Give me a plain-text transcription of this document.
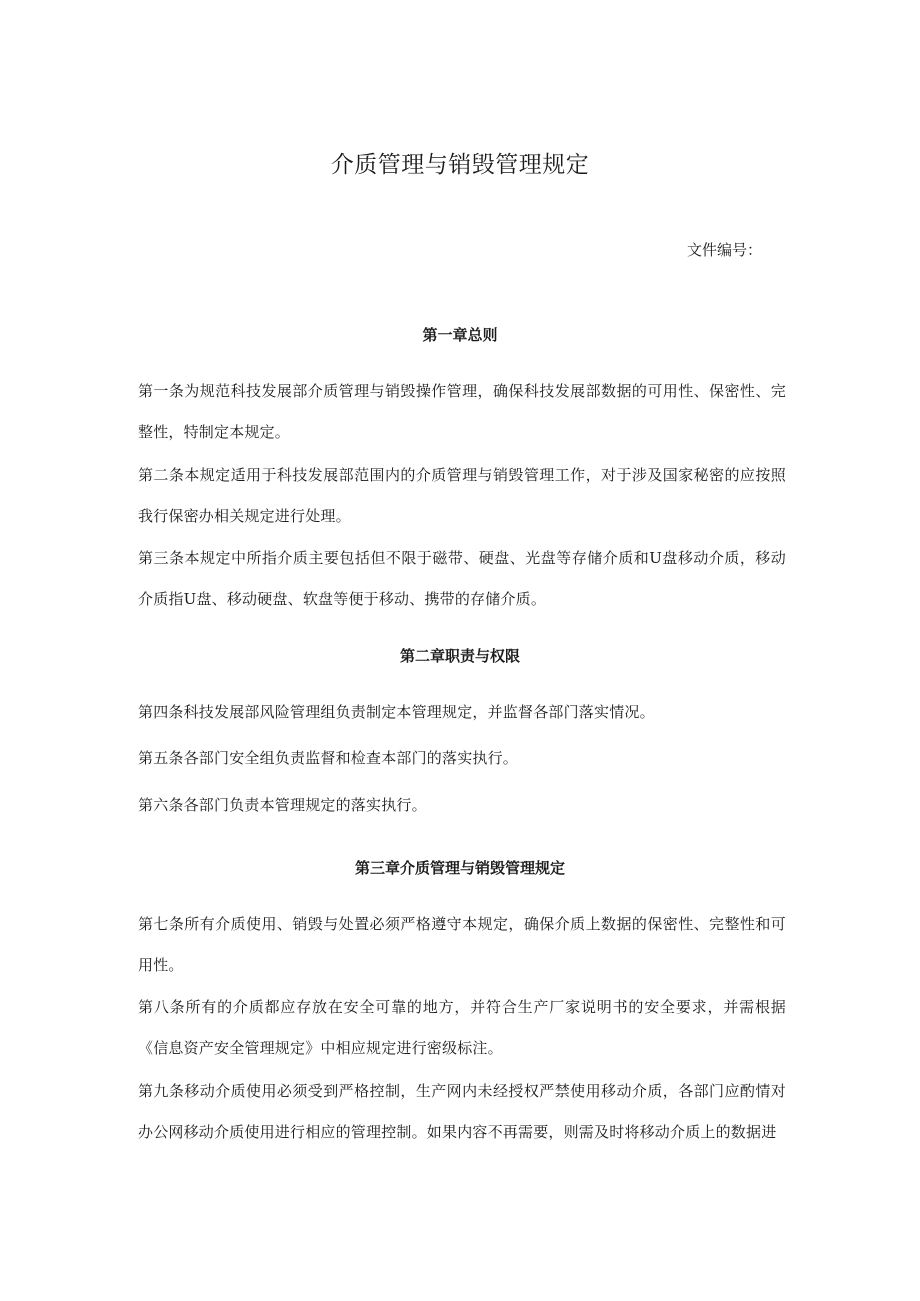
介质管理与销毁管理规定
文件编号：
第一章总则
第一条为规范科技发展部介质管理与销毁操作管理，确保科技发展部数据的可用性、保密性、完整性，特制定本规定。
第二条本规定适用于科技发展部范围内的介质管理与销毁管理工作，对于涉及国家秘密的应按照我行保密办相关规定进行处理。
第三条本规定中所指介质主要包括但不限于磁带、硬盘、光盘等存储介质和U盘移动介质，移动介质指U盘、移动硬盘、软盘等便于移动、携带的存储介质。
第二章职责与权限
第四条科技发展部风险管理组负责制定本管理规定，并监督各部门落实情况。
第五条各部门安全组负责监督和检查本部门的落实执行。
第六条各部门负责本管理规定的落实执行。
第三章介质管理与销毁管理规定
第七条所有介质使用、销毁与处置必须严格遵守本规定，确保介质上数据的保密性、完整性和可用性。
第八条所有的介质都应存放在安全可靠的地方，并符合生产厂家说明书的安全要求，并需根据《信息资产安全管理规定》中相应规定进行密级标注。
第九条移动介质使用必须受到严格控制，生产网内未经授权严禁使用移动介质，各部门应酌情对办公网移动介质使用进行相应的管理控制。如果内容不再需要，则需及时将移动介质上的数据进
